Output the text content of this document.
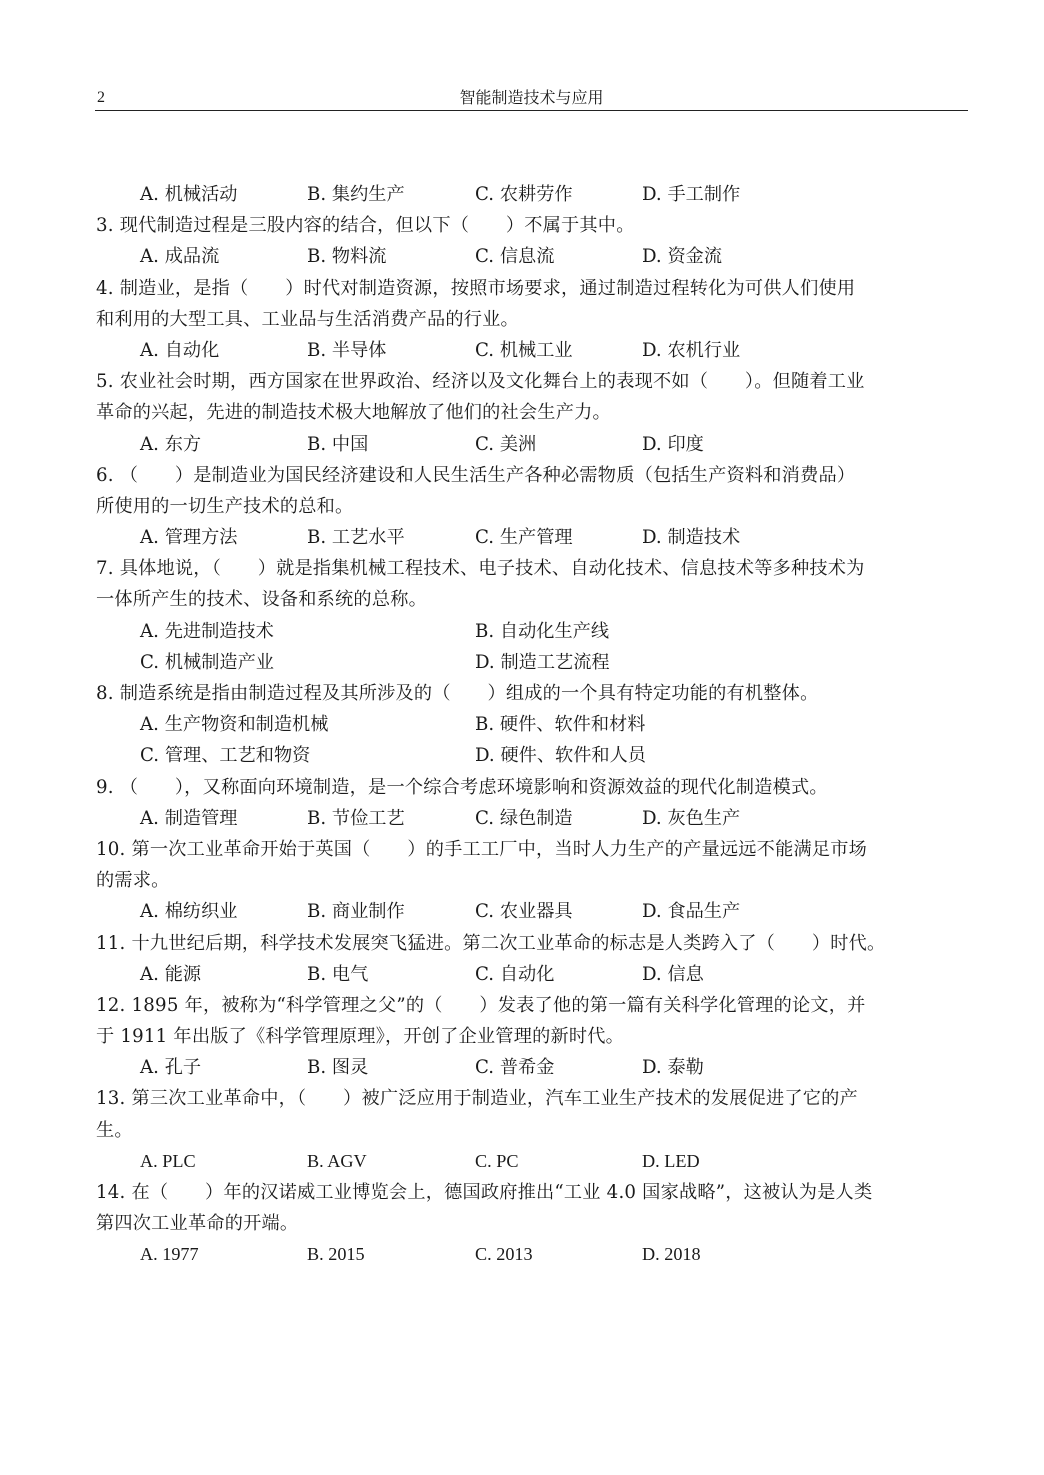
2	智能制造技术与应用
A. 机械活动	B. 集约生产	C. 农耕劳作	D. 手工制作
3. 现代制造过程是三股内容的结合，但以下（　　）不属于其中。
A. 成品流	B. 物料流	C. 信息流	D. 资金流
4. 制造业，是指（　　）时代对制造资源，按照市场要求，通过制造过程转化为可供人们使用
和利用的大型工具、工业品与生活消费产品的行业。
A. 自动化	B. 半导体	C. 机械工业	D. 农机行业
5. 农业社会时期，西方国家在世界政治、经济以及文化舞台上的表现不如（　　）。但随着工业
革命的兴起，先进的制造技术极大地解放了他们的社会生产力。
A. 东方	B. 中国	C. 美洲	D. 印度
6. （　　）是制造业为国民经济建设和人民生活生产各种必需物质（包括生产资料和消费品）
所使用的一切生产技术的总和。
A. 管理方法	B. 工艺水平	C. 生产管理	D. 制造技术
7. 具体地说，（　　）就是指集机械工程技术、电子技术、自动化技术、信息技术等多种技术为
一体所产生的技术、设备和系统的总称。
A. 先进制造技术	B. 自动化生产线
C. 机械制造产业	D. 制造工艺流程
8. 制造系统是指由制造过程及其所涉及的（　　）组成的一个具有特定功能的有机整体。
A. 生产物资和制造机械	B. 硬件、软件和材料
C. 管理、工艺和物资	D. 硬件、软件和人员
9. （　　），又称面向环境制造，是一个综合考虑环境影响和资源效益的现代化制造模式。
A. 制造管理	B. 节俭工艺	C. 绿色制造	D. 灰色生产
10. 第一次工业革命开始于英国（　　）的手工工厂中，当时人力生产的产量远远不能满足市场
的需求。
A. 棉纺织业	B. 商业制作	C. 农业器具	D. 食品生产
11. 十九世纪后期，科学技术发展突飞猛进。第二次工业革命的标志是人类跨入了（　　）时代。
A. 能源	B. 电气	C. 自动化	D. 信息
12. 1895 年，被称为“科学管理之父”的（　　）发表了他的第一篇有关科学化管理的论文，并
于 1911 年出版了《科学管理原理》，开创了企业管理的新时代。
A. 孔子	B. 图灵	C. 普希金	D. 泰勒
13. 第三次工业革命中，（　　）被广泛应用于制造业，汽车工业生产技术的发展促进了它的产
生。
A. PLC	B. AGV	C. PC	D. LED
14. 在（　　）年的汉诺威工业博览会上，德国政府推出“工业 4.0 国家战略”，这被认为是人类
第四次工业革命的开端。
A. 1977	B. 2015	C. 2013	D. 2018
